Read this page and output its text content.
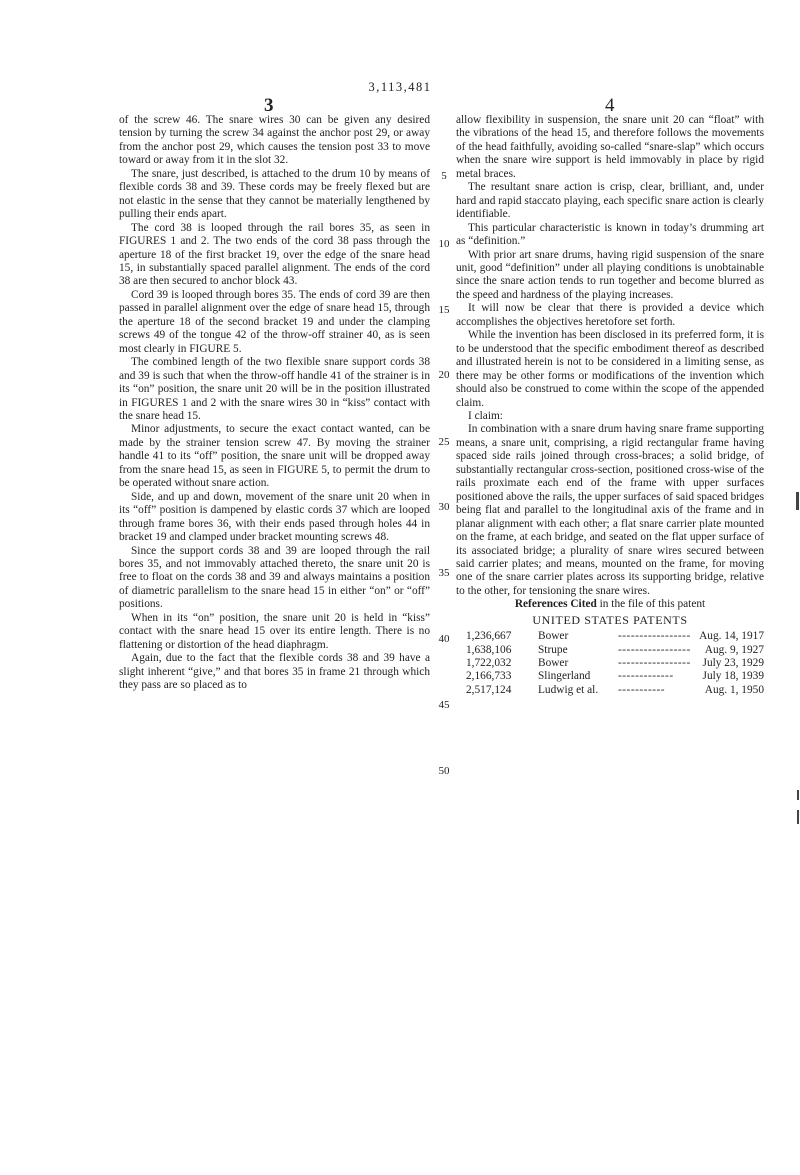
3,113,481
3	4

of the screw 46. The snare wires 30 can be given any desired tension by turning the screw 34 against the anchor post 29, or away from the anchor post 29, which causes the tension post 33 to move toward or away from it in the slot 32.

The snare, just described, is attached to the drum 10 by means of flexible cords 38 and 39. These cords may be freely flexed but are not elastic in the sense that they cannot be materially lengthened by pulling their ends apart.

The cord 38 is looped through the rail bores 35, as seen in FIGURES 1 and 2. The two ends of the cord 38 pass through the aperture 18 of the first bracket 19, over the edge of the snare head 15, in substantially spaced parallel alignment. The ends of the cord 38 are then secured to anchor block 43.

Cord 39 is looped through bores 35. The ends of cord 39 are then passed in parallel alignment over the edge of snare head 15, through the aperture 18 of the second bracket 19 and under the clamping screws 49 of the tongue 42 of the throw-off strainer 40, as is seen most clearly in FIGURE 5.

The combined length of the two flexible snare support cords 38 and 39 is such that when the throw-off handle 41 of the strainer is in its “on” position, the snare unit 20 will be in the position illustrated in FIGURES 1 and 2 with the snare wires 30 in “kiss” contact with the snare head 15.

Minor adjustments, to secure the exact contact wanted, can be made by the strainer tension screw 47. By moving the strainer handle 41 to its “off” position, the snare unit will be dropped away from the snare head 15, as seen in FIGURE 5, to permit the drum to be operated without snare action.

Side, and up and down, movement of the snare unit 20 when in its “off” position is dampened by elastic cords 37 which are looped through frame bores 36, with their ends pased through holes 44 in bracket 19 and clamped under bracket mounting screws 48.

Since the support cords 38 and 39 are looped through the rail bores 35, and not immovably attached thereto, the snare unit 20 is free to float on the cords 38 and 39 and always maintains a position of diametric parallelism to the snare head 15 in either “on” or “off” positions.

When in its “on” position, the snare unit 20 is held in “kiss” contact with the snare head 15 over its entire length. There is no flattening or distortion of the head diaphragm.

Again, due to the fact that the flexible cords 38 and 39 have a slight inherent “give,” and that bores 35 in frame 21 through which they pass are so placed as to

allow flexibility in suspension, the snare unit 20 can “float” with the vibrations of the head 15, and therefore follows the movements of the head faithfully, avoiding so-called “snare-slap” which occurs when the snare wire support is held immovably in place by rigid metal braces.

The resultant snare action is crisp, clear, brilliant, and, under hard and rapid staccato playing, each specific snare action is clearly identifiable.

This particular characteristic is known in today’s drumming art as “definition.”

With prior art snare drums, having rigid suspension of the snare unit, good “definition” under all playing conditions is unobtainable since the snare action tends to run together and become blurred as the speed and hardness of the playing increases.

It will now be clear that there is provided a device which accomplishes the objectives heretofore set forth.

While the invention has been disclosed in its preferred form, it is to be understood that the specific embodiment thereof as described and illustrated herein is not to be considered in a limiting sense, as there may be other forms or modifications of the invention which should also be construed to come within the scope of the appended claim.

I claim:

In combination with a snare drum having snare frame supporting means, a snare unit, comprising, a rigid rectangular frame having spaced side rails joined through cross-braces; a solid bridge, of substantially rectangular cross-section, positioned cross-wise of the rails proximate each end of the frame with upper surfaces positioned above the rails, the upper surfaces of said spaced bridges being flat and parallel to the longitudinal axis of the frame and in planar alignment with each other; a flat snare carrier plate mounted on the frame, at each bridge, and seated on the flat upper surface of its associated bridge; a plurality of snare wires secured between said carrier plates; and means, mounted on the frame, for moving one of the snare carrier plates across its supporting bridge, relative to the other, for tensioning the snare wires.

References Cited in the file of this patent

UNITED STATES PATENTS
1,236,667	Bower	----------------- Aug. 14, 1917
1,638,106	Strupe	-----------------	Aug. 9, 1927
1,722,032	Bower	-----------------	July 23, 1929
2,166,733	Slingerland	-------------	July 18, 1939
2,517,124	Ludwig et al.	-----------	Aug. 1, 1950
5
10
15
20
25
30
35
40
45
50
